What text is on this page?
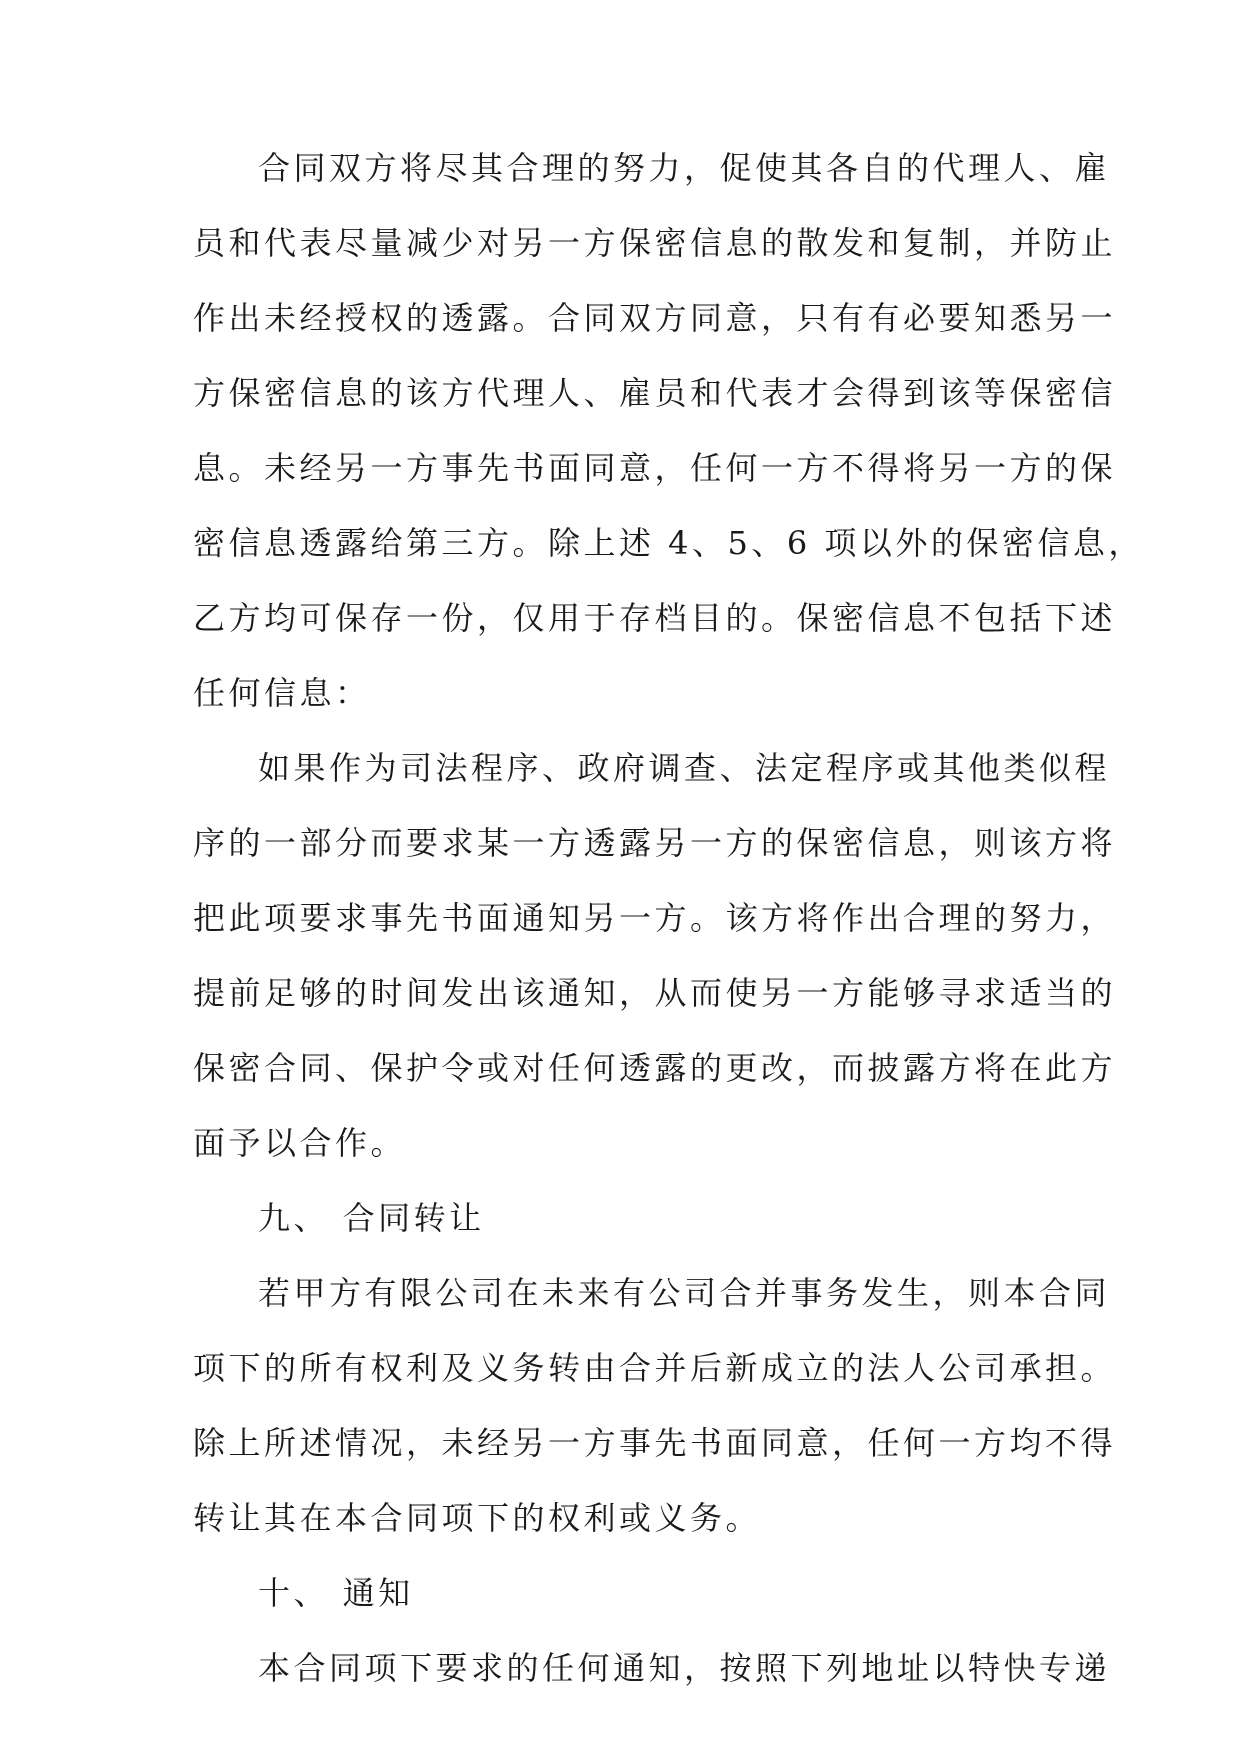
合同双方将尽其合理的努力，促使其各自的代理人、雇
员和代表尽量减少对另一方保密信息的散发和复制，并防止
作出未经授权的透露。合同双方同意，只有有必要知悉另一
方保密信息的该方代理人、雇员和代表才会得到该等保密信
息。未经另一方事先书面同意，任何一方不得将另一方的保
密信息透露给第三方。除上述 4、5、6 项以外的保密信息，
乙方均可保存一份，仅用于存档目的。保密信息不包括下述
任何信息：
如果作为司法程序、政府调查、法定程序或其他类似程
序的一部分而要求某一方透露另一方的保密信息，则该方将
把此项要求事先书面通知另一方。该方将作出合理的努力，
提前足够的时间发出该通知，从而使另一方能够寻求适当的
保密合同、保护令或对任何透露的更改，而披露方将在此方
面予以合作。
九、 合同转让
若甲方有限公司在未来有公司合并事务发生，则本合同
项下的所有权利及义务转由合并后新成立的法人公司承担。
除上所述情况，未经另一方事先书面同意，任何一方均不得
转让其在本合同项下的权利或义务。
十、 通知
本合同项下要求的任何通知，按照下列地址以特快专递
